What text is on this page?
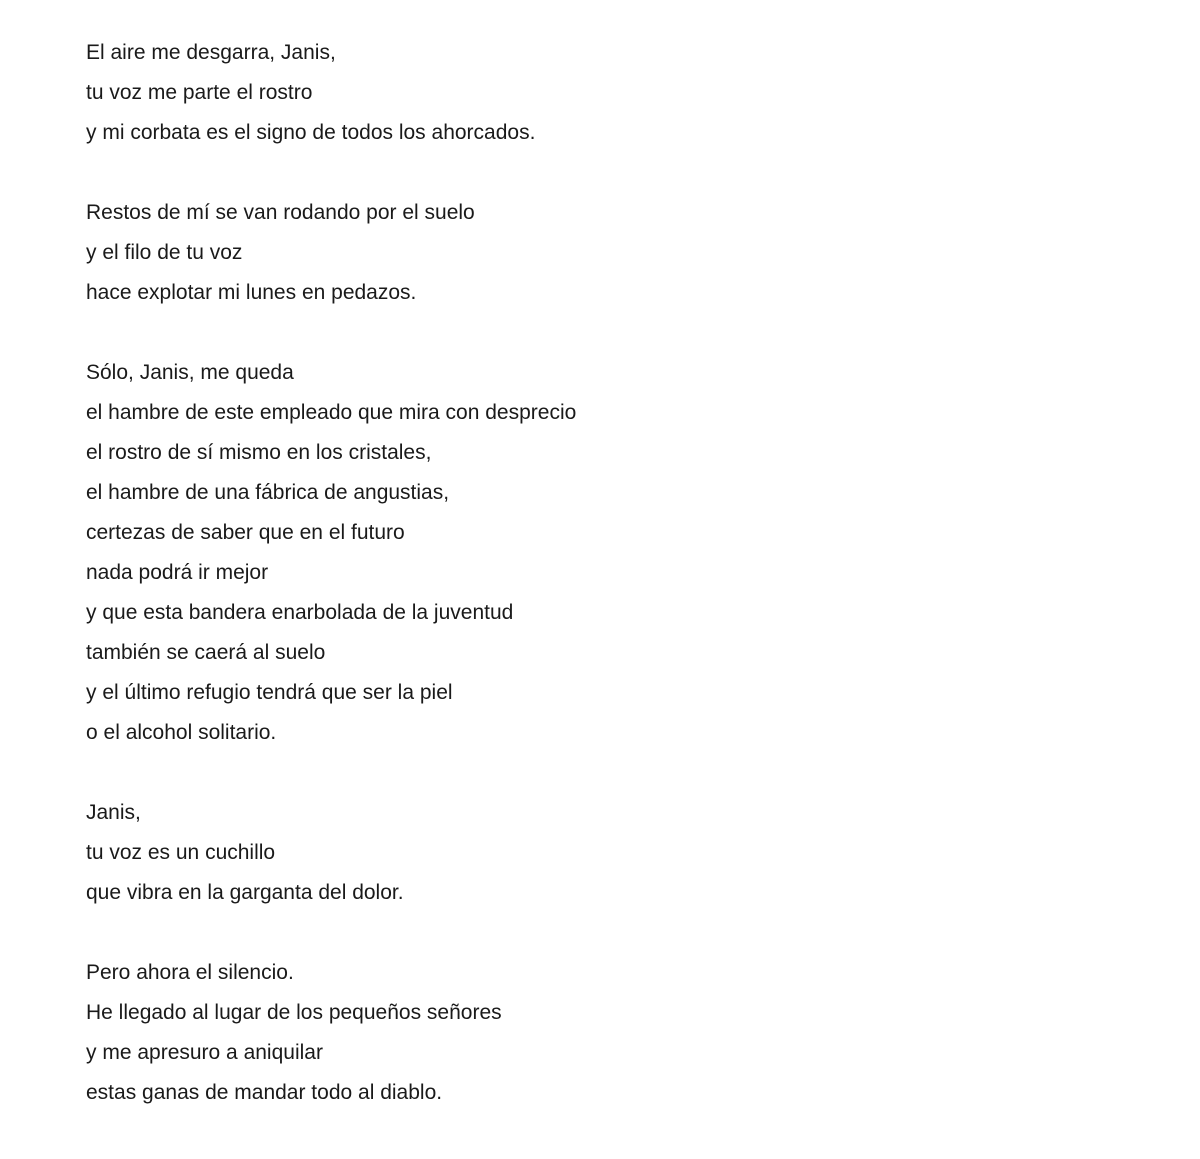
El aire me desgarra, Janis,
tu voz me parte el rostro
y mi corbata es el signo de todos los ahorcados.
Restos de mí se van rodando por el suelo
y el filo de tu voz
hace explotar mi lunes en pedazos.
Sólo, Janis, me queda
el hambre de este empleado que mira con desprecio
el rostro de sí mismo en los cristales,
el hambre de una fábrica de angustias,
certezas de saber que en el futuro
nada podrá ir mejor
y que esta bandera enarbolada de la juventud
también se caerá al suelo
y el último refugio tendrá que ser la piel
o el alcohol solitario.
Janis,
tu voz es un cuchillo
que vibra en la garganta del dolor.
Pero ahora el silencio.
He llegado al lugar de los pequeños señores
y me apresuro a aniquilar
estas ganas de mandar todo al diablo.
